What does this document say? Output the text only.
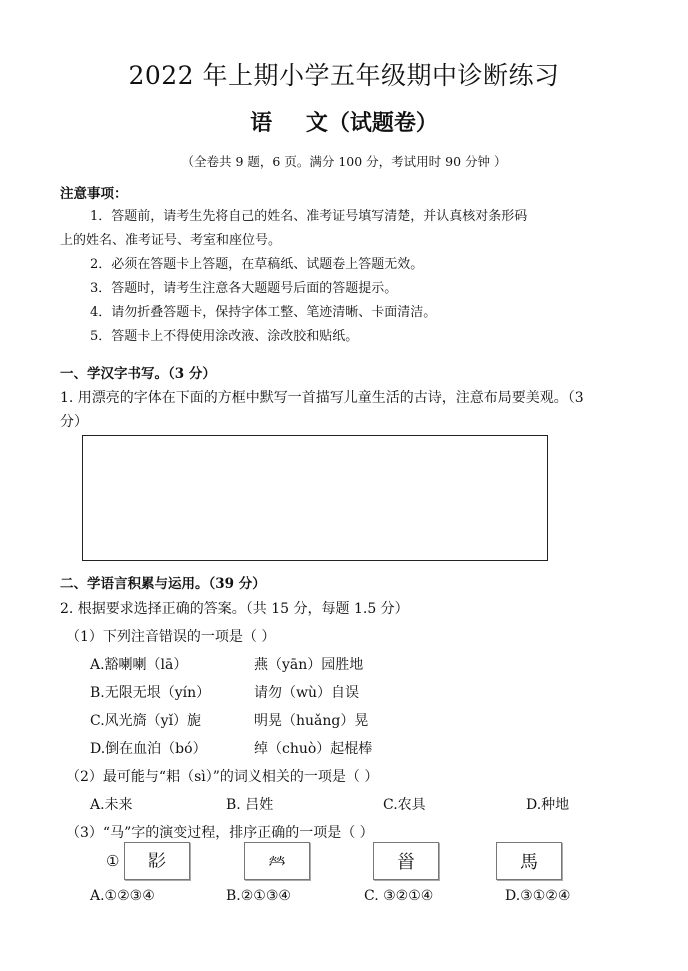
2022 年上期小学五年级期中诊断练习
语 文（试题卷）
（全卷共 9 题，6 页。满分 100 分，考试用时 90 分钟 ）
注意事项：
1．答题前，请考生先将自己的姓名、准考证号填写清楚，并认真核对条形码
上的姓名、准考证号、考室和座位号。
2．必须在答题卡上答题，在草稿纸、试题卷上答题无效。
3．答题时，请考生注意各大题题号后面的答题提示。
4．请勿折叠答题卡，保持字体工整、笔迹清晰、卡面清洁。
5．答题卡上不得使用涂改液、涂改胶和贴纸。
一、学汉字书写。（3 分）
1. 用漂亮的字体在下面的方框中默写一首描写儿童生活的古诗，注意布局要美观。（3
分）
二、学语言积累与运用。（39 分）
2. 根据要求选择正确的答案。（共 15 分，每题 1.5 分）
（1）下列注音错误的一项是（ ）
A.豁喇喇（lā）	燕（yān）园胜地
B.无限无垠（yín）	请勿（wù）自误
C.风光旖（yǐ）旎	明晃（huǎng）晃
D.倒在血泊（bó）	绰（chuò）起棍棒
（2）最可能与“耜（sì）”的词义相关的一项是（ ）
A.未来	B. 吕姓	C.农具	D.种地
（3）“马”字的演变过程，排序正确的一项是（ ）
① 𢒠	𤇾	𩠐	馬
A.①②③④	B.②①③④	C. ③②①④	D.③①②④
